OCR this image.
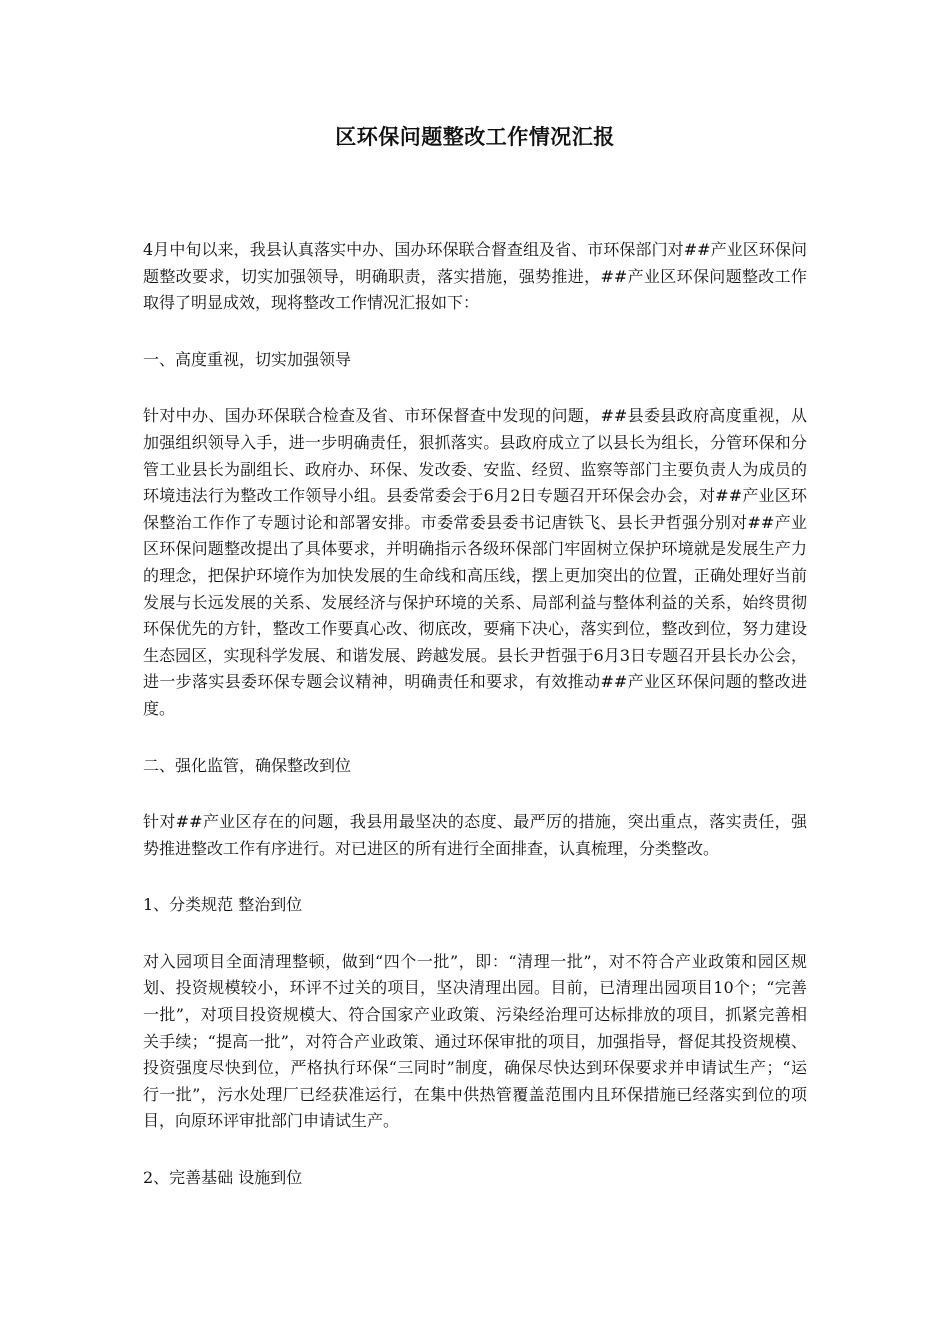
区环保问题整改工作情况汇报

4月中旬以来，我县认真落实中办、国办环保联合督查组及省、市环保部门对##产业区环保问题整改要求，切实加强领导，明确职责，落实措施，强势推进，##产业区环保问题整改工作取得了明显成效，现将整改工作情况汇报如下：

一、高度重视，切实加强领导

针对中办、国办环保联合检查及省、市环保督查中发现的问题，##县委县政府高度重视，从加强组织领导入手，进一步明确责任，狠抓落实。县政府成立了以县长为组长，分管环保和分管工业县长为副组长、政府办、环保、发改委、安监、经贸、监察等部门主要负责人为成员的环境违法行为整改工作领导小组。县委常委会于6月2日专题召开环保会办会，对##产业区环保整治工作作了专题讨论和部署安排。市委常委县委书记唐铁飞、县长尹哲强分别对##产业区环保问题整改提出了具体要求，并明确指示各级环保部门牢固树立保护环境就是发展生产力的理念，把保护环境作为加快发展的生命线和高压线，摆上更加突出的位置，正确处理好当前发展与长远发展的关系、发展经济与保护环境的关系、局部利益与整体利益的关系，始终贯彻环保优先的方针，整改工作要真心改、彻底改，要痛下决心，落实到位，整改到位，努力建设生态园区，实现科学发展、和谐发展、跨越发展。县长尹哲强于6月3日专题召开县长办公会，进一步落实县委环保专题会议精神，明确责任和要求，有效推动##产业区环保问题的整改进度。

二、强化监管，确保整改到位

针对##产业区存在的问题，我县用最坚决的态度、最严厉的措施，突出重点，落实责任，强势推进整改工作有序进行。对已进区的所有进行全面排查，认真梳理，分类整改。

1、分类规范 整治到位

对入园项目全面清理整顿，做到“四个一批”，即：“清理一批”，对不符合产业政策和园区规划、投资规模较小，环评不过关的项目，坚决清理出园。目前，已清理出园项目10个；“完善一批”，对项目投资规模大、符合国家产业政策、污染经治理可达标排放的项目，抓紧完善相关手续；“提高一批”，对符合产业政策、通过环保审批的项目，加强指导，督促其投资规模、投资强度尽快到位，严格执行环保“三同时”制度，确保尽快达到环保要求并申请试生产；“运行一批”，污水处理厂已经获准运行，在集中供热管覆盖范围内且环保措施已经落实到位的项目，向原环评审批部门申请试生产。

2、完善基础 设施到位
